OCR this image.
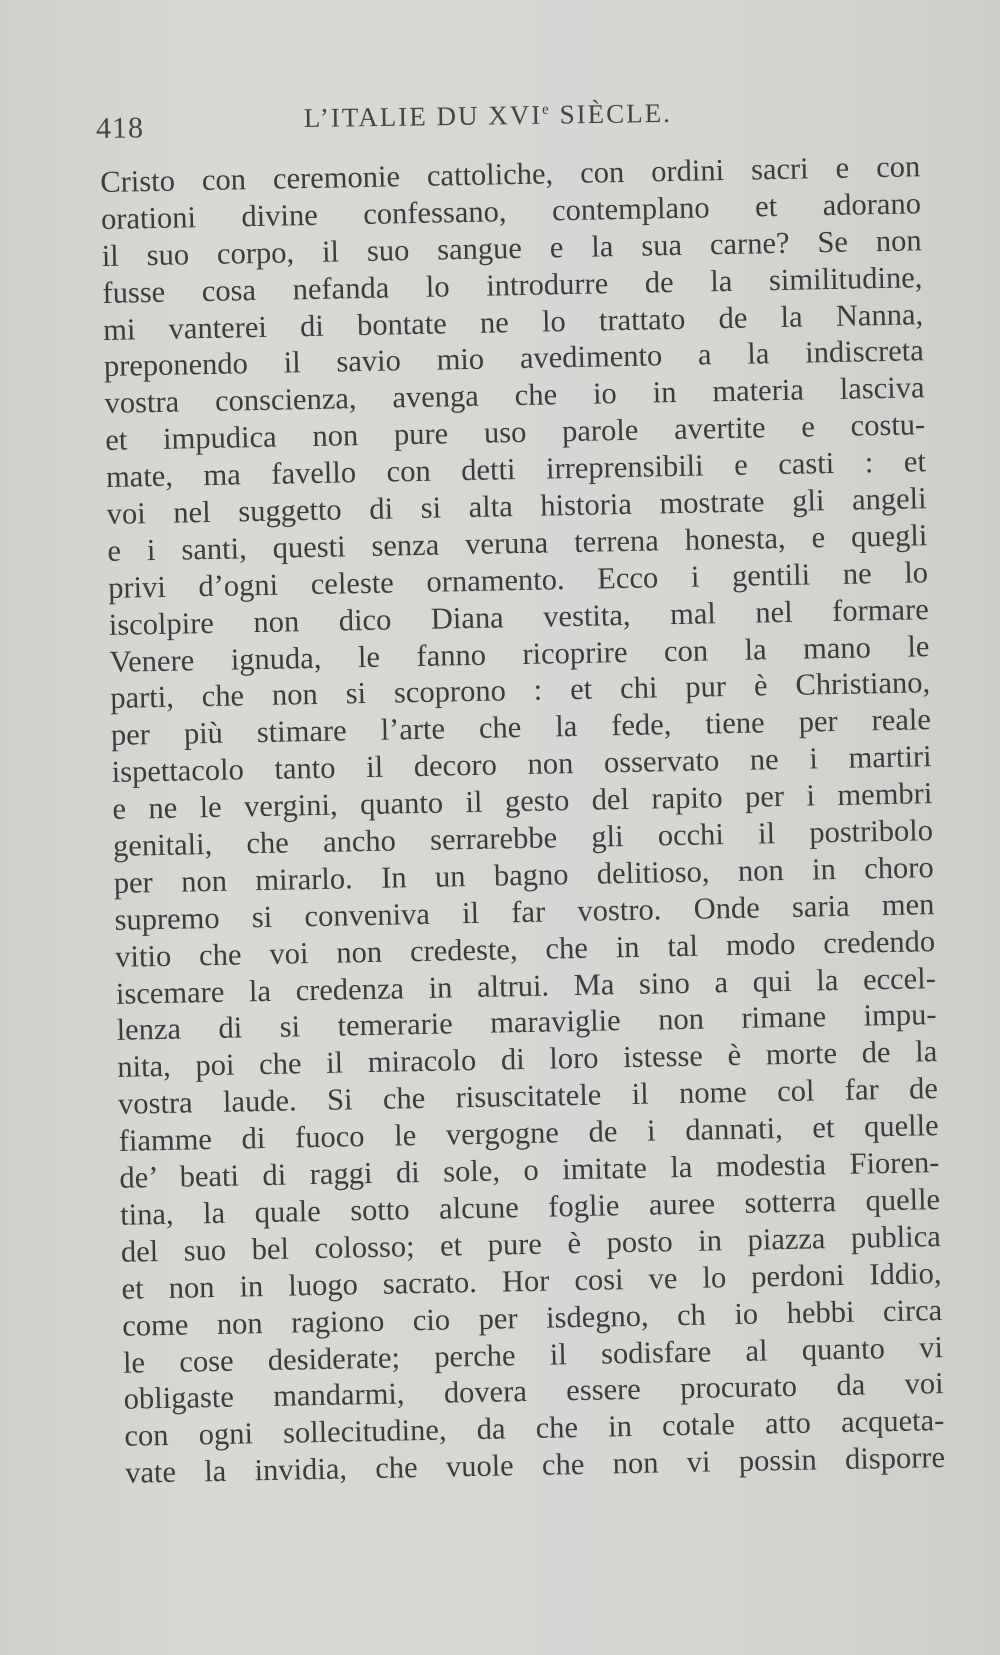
418	L’ITALIE DU XVIe SIÈCLE.
Cristo con ceremonie cattoliche, con ordini sacri e con
orationi divine confessano, contemplano et adorano
il suo corpo, il suo sangue e la sua carne? Se non
fusse cosa nefanda lo introdurre de la similitudine,
mi vanterei di bontate ne lo trattato de la Nanna,
preponendo il savio mio avedimento a la indiscreta
vostra conscienza, avenga che io in materia lasciva
et impudica non pure uso parole avertite e costu-
mate, ma favello con detti irreprensibili e casti : et
voi nel suggetto di si alta historia mostrate gli angeli
e i santi, questi senza veruna terrena honesta, e quegli
privi d’ogni celeste ornamento. Ecco i gentili ne lo
iscolpire non dico Diana vestita, mal nel formare
Venere ignuda, le fanno ricoprire con la mano le
parti, che non si scoprono : et chi pur è Christiano,
per più stimare l’arte che la fede, tiene per reale
ispettacolo tanto il decoro non osservato ne i martiri
e ne le vergini, quanto il gesto del rapito per i membri
genitali, che ancho serrarebbe gli occhi il postribolo
per non mirarlo. In un bagno delitioso, non in choro
supremo si conveniva il far vostro. Onde saria men
vitio che voi non credeste, che in tal modo credendo
iscemare la credenza in altrui. Ma sino a qui la eccel-
lenza di si temerarie maraviglie non rimane impu-
nita, poi che il miracolo di loro istesse è morte de la
vostra laude. Si che risuscitatele il nome col far de
fiamme di fuoco le vergogne de i dannati, et quelle
de’ beati di raggi di sole, o imitate la modestia Fioren-
tina, la quale sotto alcune foglie auree sotterra quelle
del suo bel colosso; et pure è posto in piazza publica
et non in luogo sacrato. Hor cosi ve lo perdoni Iddio,
come non ragiono cio per isdegno, ch io hebbi circa
le cose desiderate; perche il sodisfare al quanto vi
obligaste mandarmi, dovera essere procurato da voi
con ogni sollecitudine, da che in cotale atto acqueta-
vate la invidia, che vuole che non vi possin disporre
